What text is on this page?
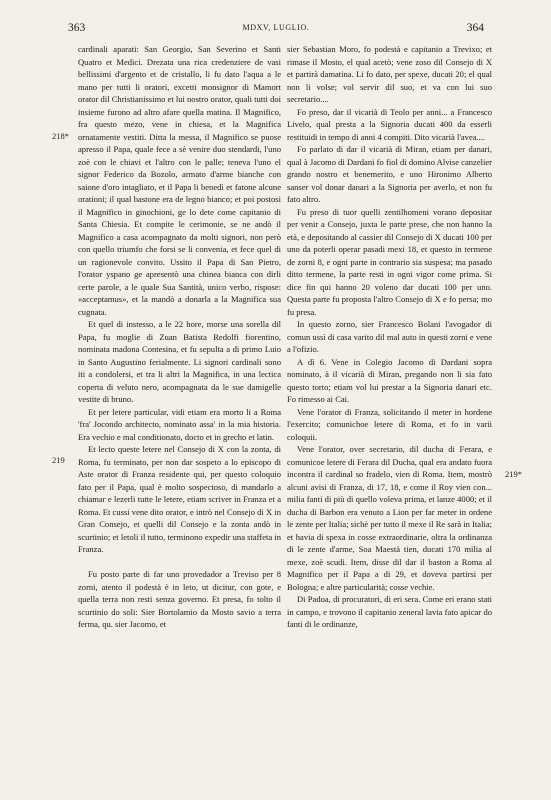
363	MDXV, LUGLIO.	364
218*
219
219*

cardinali aparati: San Georgio, San Severino et Santi Quatro et Medici. Drezata una rica credenziere de vasi bellissimi d'argento et de cristallo, li fu dato l'aqua a le mano per tutti li oratori, excetti monsignor di Mamort orator dil Christianissimo et lui nostro orator, quali tutti doi insieme furono ad altro afare quella matina. Il Magnifico, fra questo mezo, vene in chiesa, et la Magnifica ornatamente vestiti. Ditta la messa, il Magnifico se puose apresso il Papa, quale fece a sè venire duo stendardi, l'uno zoè con le chiavi et l'altro con le palle; teneva l'uno el signor Federico da Bozolo, armato d'arme bianche con saione d'oro intagliato, et il Papa li benedì et fatone alcune orationi; il qual bastone era de legno bianco; et poi postosi il Magnifico in ginochioni, ge lo dete come capitanio di Santa Chiesia. Et compite le cerimonie, se ne andò il Magnifico a casa acompagnato da molti signori, non però con quello triumfo che forsi se li convenia, et fece quel di un ragionevole convito. Ussito il Papa di San Pietro, l'orator yspano ge apresentò una chinea bianca con dirli certe parole, a le quale Sua Santità, unico verbo, rispose: «acceptamus», et la mandò a donarla a la Magnifica sua cugnata.

Et quel di instesso, a le 22 hore, morse una sorella dil Papa, fu moglie di Zuan Batista Redolfi fiorentino, nominata madona Contesina, et fu sepulta a di primo Luio in Santo Augustino ferialmente. Li signori cardinali sono iti a condolersi, et tra li altri la Magnifica, in una lectica coperta di veluto nero, acompagnata da le sue damigelle vestite di bruno.

Et per letere particular, vidi etiam era morto li a Roma 'fra' Jocondo architecto, nominato assa' in la mia historia. Era vechio e mal conditionato, docto et in grecho et latin.

Et lecto queste letere nel Consejo di X con la zonta, di Roma, fu terminato, per non dar sospeto a lo episcopo di Aste orator di Franza residente qui, per questo coloquio fato per il Papa, qual è molto sospectoso, di mandarlo a chiamar e lezerli tutte le letere, etiam scriver in Franza et a Roma. Et cussi vene dito orator, e intrò nel Consejo di X in Gran Consejo, et quelli dil Consejo e la zonta andò in scurtinio; et letoli il tutto, terminono expedir una staffeta in Franza.

Fu posto parte di far uno provedador a Treviso per 8 zorni, atento il podestà è in leto, ut dicitur, con gote, e quella terra non resti senza governo. Et presa, fo tolto il scurtinio do soli: Sier Bortolamio da Mosto savio a terra ferma, qu. sier Jacomo, et

sier Sebastian Moro, fo podestà e capitanio a Trevixo; et rimase il Mosto, el qual acetò; vene zoso dil Consejo di X et partirà damatina. Li fo dato, per spexe, ducati 20; el qual non li volse; vol servir dil suo, et va con lui suo secretario....

Fo preso, dar il vicarià di Teolo per anni... a Francesco Livelo, qual presta a la Signoria ducati 400 da esserli restituidi in tempo di anni 4 compiti. Dito vicarià l'avea....

Fo parlato di dar il vicarià di Miran, etiam per danari, qual à Jacomo di Dardani fo fiol di domino Alvise canzelier grando nostro et benemerito, e uno Hironimo Alberto sanser vol donar danari a la Signoria per averlo, et non fu fato altro.

Fu preso di tuor quelli zentilhomeni vorano depositar per venir a Consejo, juxta le parte prese, che non hanno la età, e depositando al cassier dil Consejo di X ducati 100 per uno da poterli operar pasadi mexi 18, et questo in termene de zorni 8, e ogni parte in contrario sia suspesa; ma pasado ditto termene, la parte resti in ogni vigor come prima. Si dice fin qui hanno 20 voleno dar ducati 100 per uno. Questa parte fu proposta l'altro Consejo di X e fo persa; mo fu presa.

In questo zorno, sier Francesco Bolani l'avogador di comun ussì di casa varito dil mal auto in questi zorni e vene a l'ofizio.

A dì 6. Vene in Colegio Jacomo di Dardani sopra nominato, à il vicarià di Miran, pregando non li sia fato questo torto; etiam vol lui prestar a la Signoria danari etc. Fo rimesso ai Cai.

Vene l'orator di Franza, solicitando il meter in hordene l'exercito; comunichoe letere di Roma, et fo in varii coloquii.

Vene l'orator, over secretario, dil ducha di Ferara, e comunicoe letere di Ferara dil Ducha, qual era andato fuora incontra il cardinal so fradelo, vien di Roma. Item, mostrò alcuni avisi di Franza, di 17, 18, e come il Roy vien con... milia fanti di più di quello voleva prima, et lanze 4000; et il ducha di Barbon era venuto a Lion per far meter in ordene le zente per Italia; sichè per tutto il mexe il Re sarà in Italia; et havia di spexa in cosse extraordinarie, oltra la ordinanza di le zente d'arme, Soa Maestà tien, ducati 170 milia al mexe, zoè scudi. Item, disse dil dar il baston a Roma al Magnifico per il Papa a di 29, et doveva partirsi per Bologna; e altre particularità; cosse vechie.

Di Padoa, di procuratori, di eri sera. Come eri erano stati in campo, e trovono il capitanio zeneral lavia fato apicar do fanti di le ordinanze,
